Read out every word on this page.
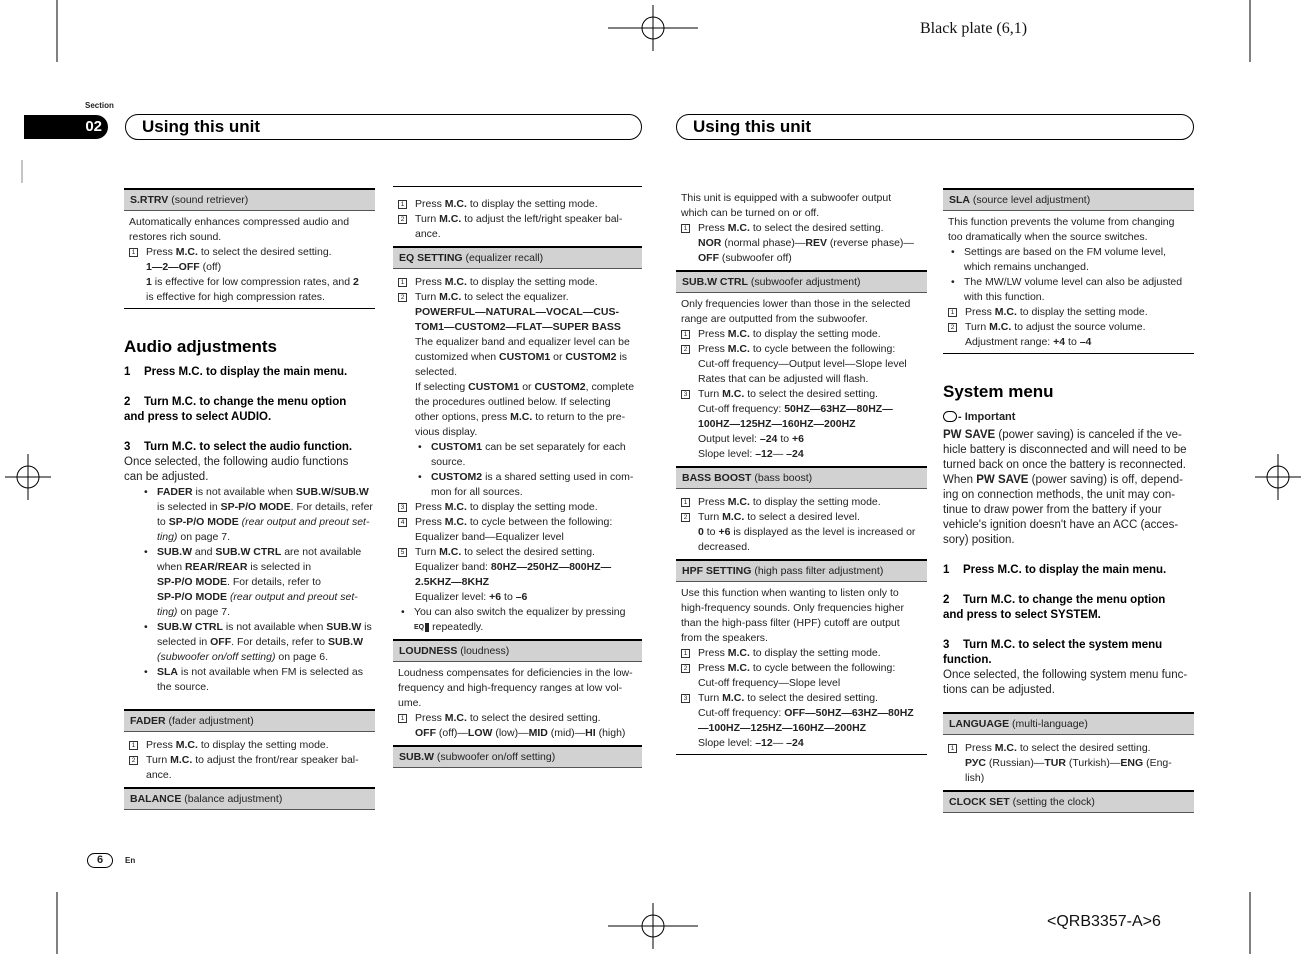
Black plate (6,1)
Section
02	Using this unit	Using this unit
S.RTRV (sound retriever)
Automatically enhances compressed audio and
restores rich sound.
1 Press M.C. to select the desired setting.
1—2—OFF (off)
1 is effective for low compression rates, and 2
is effective for high compression rates.
Audio adjustments
1 Press M.C. to display the main menu.
2 Turn M.C. to change the menu option
and press to select AUDIO.
3 Turn M.C. to select the audio function.
Once selected, the following audio functions
can be adjusted.
• FADER is not available when SUB.W/SUB.W
is selected in SP-P/O MODE. For details, refer
to SP-P/O MODE (rear output and preout set-
ting) on page 7.
• SUB.W and SUB.W CTRL are not available
when REAR/REAR is selected in
SP-P/O MODE. For details, refer to
SP-P/O MODE (rear output and preout set-
ting) on page 7.
• SUB.W CTRL is not available when SUB.W is
selected in OFF. For details, refer to SUB.W
(subwoofer on/off setting) on page 6.
• SLA is not available when FM is selected as
the source.
FADER (fader adjustment)
1 Press M.C. to display the setting mode.
2 Turn M.C. to adjust the front/rear speaker bal-
ance.
BALANCE (balance adjustment)
1 Press M.C. to display the setting mode.
2 Turn M.C. to adjust the left/right speaker bal-
ance.
EQ SETTING (equalizer recall)
1 Press M.C. to display the setting mode.
2 Turn M.C. to select the equalizer.
POWERFUL—NATURAL—VOCAL—CUS-
TOM1—CUSTOM2—FLAT—SUPER BASS
The equalizer band and equalizer level can be
customized when CUSTOM1 or CUSTOM2 is
selected.
If selecting CUSTOM1 or CUSTOM2, complete
the procedures outlined below. If selecting
other options, press M.C. to return to the pre-
vious display.
• CUSTOM1 can be set separately for each
source.
• CUSTOM2 is a shared setting used in com-
mon for all sources.
3 Press M.C. to display the setting mode.
4 Press M.C. to cycle between the following:
Equalizer band—Equalizer level
5 Turn M.C. to select the desired setting.
Equalizer band: 80HZ—250HZ—800HZ—
2.5KHZ—8KHZ
Equalizer level: +6 to –6
• You can also switch the equalizer by pressing
EQ repeatedly.
LOUDNESS (loudness)
Loudness compensates for deficiencies in the low-
frequency and high-frequency ranges at low vol-
ume.
1 Press M.C. to select the desired setting.
OFF (off)—LOW (low)—MID (mid)—HI (high)
SUB.W (subwoofer on/off setting)
This unit is equipped with a subwoofer output
which can be turned on or off.
1 Press M.C. to select the desired setting.
NOR (normal phase)—REV (reverse phase)—
OFF (subwoofer off)
SUB.W CTRL (subwoofer adjustment)
Only frequencies lower than those in the selected
range are outputted from the subwoofer.
1 Press M.C. to display the setting mode.
2 Press M.C. to cycle between the following:
Cut-off frequency—Output level—Slope level
Rates that can be adjusted will flash.
3 Turn M.C. to select the desired setting.
Cut-off frequency: 50HZ—63HZ—80HZ—
100HZ—125HZ—160HZ—200HZ
Output level: –24 to +6
Slope level: –12— –24
BASS BOOST (bass boost)
1 Press M.C. to display the setting mode.
2 Turn M.C. to select a desired level.
0 to +6 is displayed as the level is increased or
decreased.
HPF SETTING (high pass filter adjustment)
Use this function when wanting to listen only to
high-frequency sounds. Only frequencies higher
than the high-pass filter (HPF) cutoff are output
from the speakers.
1 Press M.C. to display the setting mode.
2 Press M.C. to cycle between the following:
Cut-off frequency—Slope level
3 Turn M.C. to select the desired setting.
Cut-off frequency: OFF—50HZ—63HZ—80HZ
—100HZ—125HZ—160HZ—200HZ
Slope level: –12— –24
SLA (source level adjustment)
This function prevents the volume from changing
too dramatically when the source switches.
• Settings are based on the FM volume level,
which remains unchanged.
• The MW/LW volume level can also be adjusted
with this function.
1 Press M.C. to display the setting mode.
2 Turn M.C. to adjust the source volume.
Adjustment range: +4 to –4
System menu
- Important
PW SAVE (power saving) is canceled if the ve-
hicle battery is disconnected and will need to be
turned back on once the battery is reconnected.
When PW SAVE (power saving) is off, depend-
ing on connection methods, the unit may con-
tinue to draw power from the battery if your
vehicle's ignition doesn't have an ACC (acces-
sory) position.
1 Press M.C. to display the main menu.
2 Turn M.C. to change the menu option
and press to select SYSTEM.
3 Turn M.C. to select the system menu
function.
Once selected, the following system menu func-
tions can be adjusted.
LANGUAGE (multi-language)
1 Press M.C. to select the desired setting.
РУС (Russian)—TUR (Turkish)—ENG (Eng-
lish)
CLOCK SET (setting the clock)
6	En
<QRB3357-A>6
